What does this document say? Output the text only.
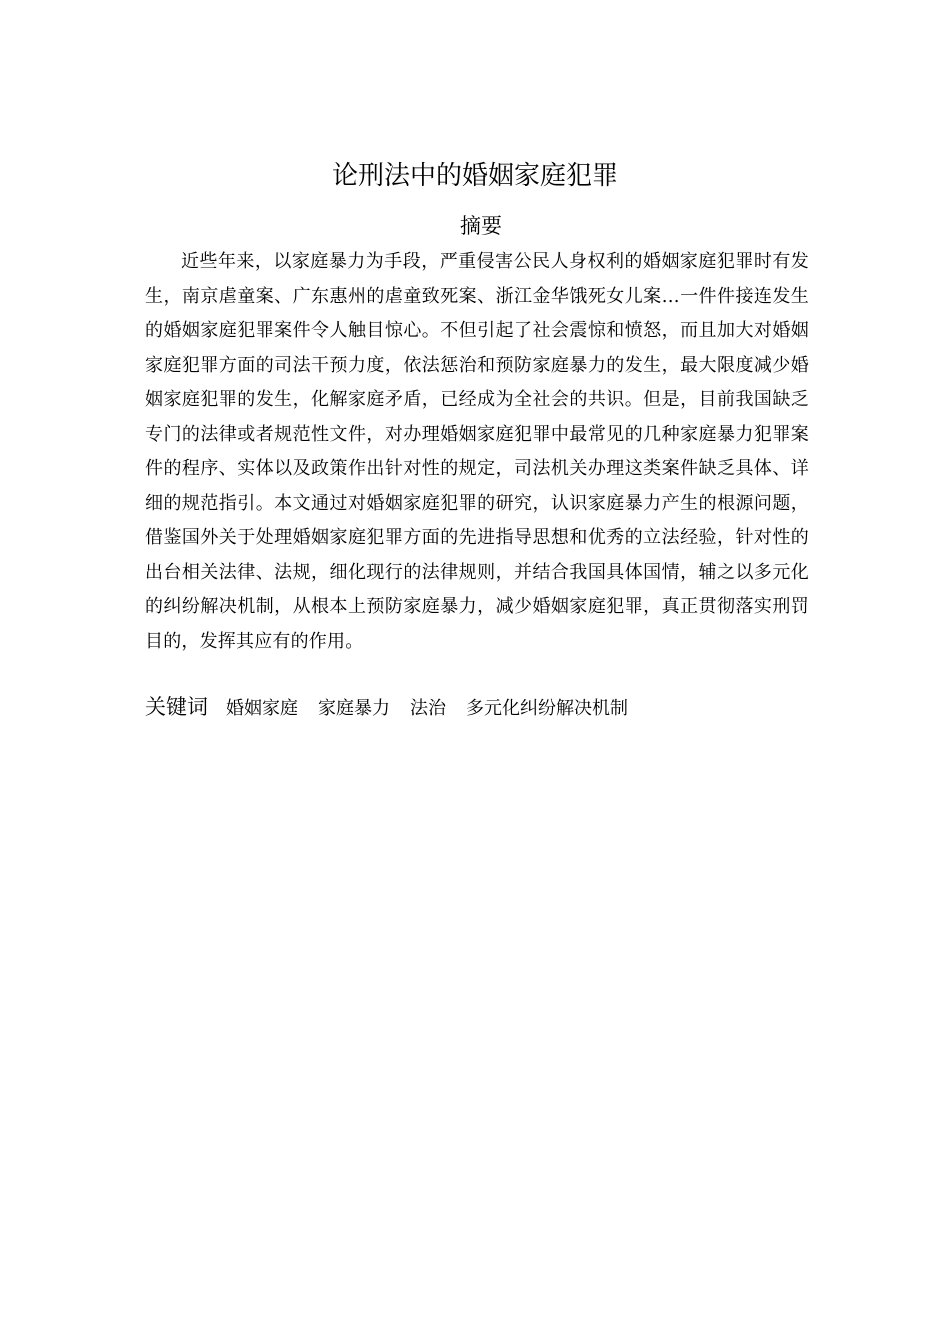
论刑法中的婚姻家庭犯罪
摘要

近些年来，以家庭暴力为手段，严重侵害公民人身权利的婚姻家庭犯罪时有发生，南京虐童案、广东惠州的虐童致死案、浙江金华饿死女儿案…一件件接连发生的婚姻家庭犯罪案件令人触目惊心。不但引起了社会震惊和愤怒，而且加大对婚姻家庭犯罪方面的司法干预力度，依法惩治和预防家庭暴力的发生，最大限度减少婚姻家庭犯罪的发生，化解家庭矛盾，已经成为全社会的共识。但是，目前我国缺乏专门的法律或者规范性文件，对办理婚姻家庭犯罪中最常见的几种家庭暴力犯罪案件的程序、实体以及政策作出针对性的规定，司法机关办理这类案件缺乏具体、详细的规范指引。本文通过对婚姻家庭犯罪的研究，认识家庭暴力产生的根源问题，借鉴国外关于处理婚姻家庭犯罪方面的先进指导思想和优秀的立法经验，针对性的出台相关法律、法规，细化现行的法律规则，并结合我国具体国情，辅之以多元化的纠纷解决机制，从根本上预防家庭暴力，减少婚姻家庭犯罪，真正贯彻落实刑罚目的，发挥其应有的作用。

关键词 婚姻家庭 家庭暴力 法治 多元化纠纷解决机制
